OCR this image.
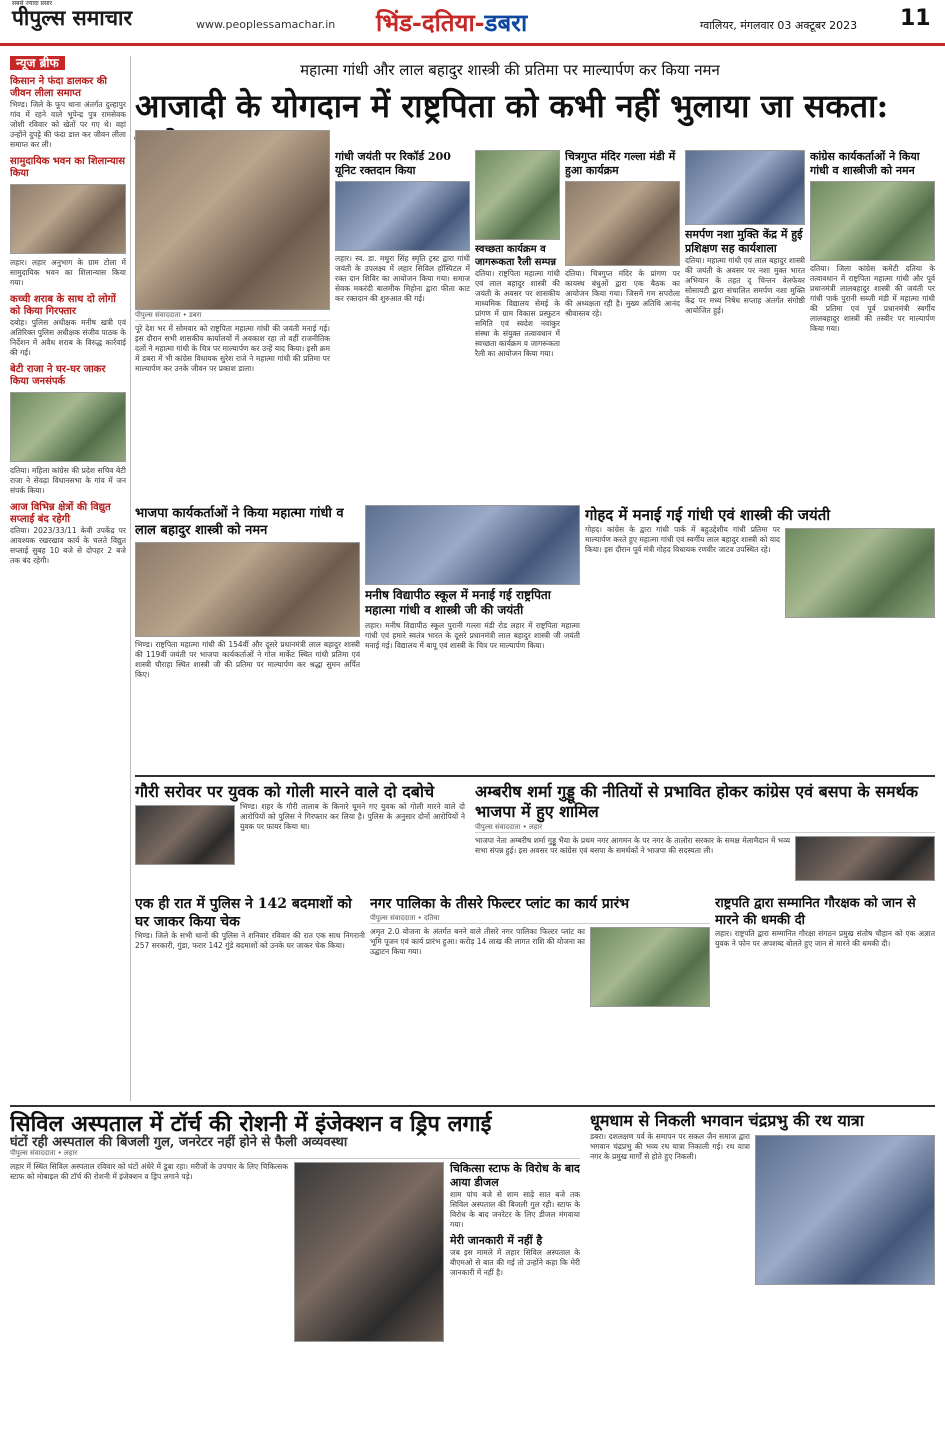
सबसे ज्यादा प्रसार
पीपुल्स समाचार	www.peoplessamachar.in भिंड-दतिया-डबरा	ग्वालियर, मंगलवार 03 अक्टूबर 2023 11
न्यूज ब्रीफ
किसान ने फंदा डालकर की जीवन लीला समाप्त

भिण्ड। जिले के फूप थाना अंतर्गत दुल्हापुर गांव में रहने वाले भूपेन्द्र पुत्र रामसेवक जोशी रविवार को खेतों पर गए थे। वहां उन्होंने दुपट्टे की फंदा डाल कर जीवन लीला समाप्त कर ली।

सामुदायिक भवन का शिलान्यास किया

लहार। लहार अनुभाग के ग्राम टोला में सामुदायिक भवन का शिलान्यास किया गया।

कच्ची शराब के साथ दो लोगों को किया गिरफ्तार

दबोह। पुलिस अधीक्षक मनीष खत्री एवं अतिरिक्त पुलिस अधीक्षक संजीव पाठक के निर्देशन में अवैध शराब के विरुद्ध कार्रवाई की गई।

बेटी राजा ने घर-घर जाकर किया जनसंपर्क

दतिया। महिला कांग्रेस की प्रदेश सचिव बेटी राजा ने सेवढ़ा विधानसभा के गांव में जन संपर्क किया।

आज विभिन्न क्षेत्रों की विद्युत सप्लाई बंद रहेगी

दतिया। 2023/33/11 केवी उपकेंद्र पर आवश्यक रखरखाव कार्य के चलते विद्युत सप्लाई सुबह 10 बजे से दोपहर 2 बजे तक बंद रहेगी।

महात्मा गांधी और लाल बहादुर शास्त्री की प्रतिमा पर माल्यार्पण कर किया नमन
आजादी के योगदान में राष्ट्रपिता को कभी नहीं भुलाया जा सकता:
पीपुल्स संवाददाता • डबरा

पूरे देश भर में सोमवार को राष्ट्रपिता महात्मा गांधी की जयंती मनाई गई। इस दौरान सभी शासकीय कार्यालयों में अवकाश रहा तो वहीं राजनीतिक दलों ने महात्मा गांधी के चित्र पर माल्यार्पण कर उन्हें याद किया। इसी क्रम में डबरा में भी कांग्रेस विधायक सुरेश राजे ने महात्मा गांधी की प्रतिमा पर माल्यार्पण कर उनके जीवन पर प्रकाश डाला।

गांधी जयंती पर रिकॉर्ड 200 यूनिट रक्तदान किया

लहार। स्व. डा. मथुरा सिंह स्मृति ट्रस्ट द्वारा गांधी जयंती के उपलक्ष्य में लहार सिविल हॉस्पिटल में रक्त दान शिविर का आयोजन किया गया। समाज सेवक मकरंदी बालमीक मिहोना द्वारा फीता काट कर रक्तदान की शुरुआत की गई।

स्वच्छता कार्यक्रम व जागरूकता रैली सम्पन्न

दतिया। राष्ट्रपिता महात्मा गांधी एवं लाल बहादुर शास्त्री की जयंती के अवसर पर शासकीय माध्यमिक विद्यालय सेमई के प्रांगण में ग्राम विकास प्रस्फुटन समिति एवं स्वदेश नवांकुर संस्था के संयुक्त तत्वावधान में स्वच्छता कार्यक्रम व जागरूकता रैली का आयोजन किया गया।

चित्रगुप्त मंदिर गल्ला मंडी में हुआ कार्यक्रम

दतिया। चित्रगुप्त मंदिर के प्रांगण पर कायस्थ बंधुओं द्वारा एक बैठक का आयोजन किया गया। जिसमें गम सपरोला की अध्यक्षता रही है। मुख्य अतिथि आनंद श्रीवास्तव रहे।

समर्पण नशा मुक्ति केंद्र में हुई प्रशिक्षण सह कार्यशाला

दतिया। महात्मा गांधी एवं लाल बहादुर शास्त्री की जयंती के अवसर पर नशा मुक्त भारत अभियान के तहत दृ चिन्तन वेलफेयर सोसायटी द्वारा संचालित समर्पण नशा मुक्ति केंद्र पर मध्य निषेध सप्ताह अंतर्गत संगोष्ठी आयोजित हुई।

कांग्रेस कार्यकर्ताओं ने किया गांधी व शास्त्रीजी को नमन

दतिया। जिला कांग्रेस कमेटी दतिया के तत्वावधान में राष्ट्रपिता महात्मा गांधी और पूर्व प्रधानमंत्री लालबहादुर शास्त्री की जयंती पर गांधी पार्क पुरानी सब्जी मंडी में महात्मा गांधी की प्रतिमा एवं पूर्व प्रधानमंत्री स्वर्गीय लालबहादुर शास्त्री की तस्वीर पर माल्यार्पण किया गया।

भाजपा कार्यकर्ताओं ने किया महात्मा गांधी व लाल बहादुर शास्त्री को नमन

भिण्ड। राष्ट्रपिता महात्मा गांधी की 154वीं और दूसरे प्रधानमंत्री लाल बहादुर शास्त्री की 119वीं जयंती पर भाजपा कार्यकर्ताओं ने गोल मार्केट स्थित गांधी प्रतिमा एवं शास्त्री चौराहा स्थित शास्त्री जी की प्रतिमा पर माल्यार्पण कर श्रद्धा सुमन अर्पित किए।

मनीष विद्यापीठ स्कूल में मनाई गई राष्ट्रपिता महात्मा गांधी व शास्त्री जी की जयंती

लहार। मनीष विद्यापीठ स्कूल पुरानी गल्ला मंडी रोड लहार में राष्ट्रपिता महात्मा गांधी एवं हमारे स्वतंत्र भारत के दूसरे प्रधानमंत्री लाल बहादुर शास्त्री जी जयंती मनाई गई। विद्यालय में बापू एवं शास्त्री के चित्र पर माल्यार्पण किया।

गोहद में मनाई गई गांधी एवं शास्त्री की जयंती

गोहद। कांग्रेस के द्वारा गांधी पार्क में बहुउद्देशीय गांधी प्रतिमा पर माल्यार्पण करते हुए महात्मा गांधी एवं स्वर्गीय लाल बहादुर शास्त्री को याद किया। इस दौरान पूर्व मंत्री गोहद विधायक रणवीर जाटव उपस्थित रहे।

गौरी सरोवर पर युवक को गोली मारने वाले दो दबोचे

भिण्ड। शहर के गौरी तालाब के किनारे घूमने गए युवक को गोली मारने वाले दो आरोपियों को पुलिस ने गिरफ्तार कर लिया है। पुलिस के अनुसार दोनों आरोपियों ने युवक पर फायर किया था।

अम्बरीष शर्मा गुड्डू की नीतियों से प्रभावित होकर कांग्रेस एवं बसपा के समर्थक भाजपा में हुए शामिल
पीपुल्स संवाददाता • लहार

भाजपा नेता अम्बरीष शर्मा गुड्डू भैया के प्रथम नगर आगमन के पर नगर के तालोरा सरकार के समक्ष मेलामैदान में भव्य सभा संपन्न हुई। इस अवसर पर कांग्रेस एवं बसपा के समर्थकों ने भाजपा की सदस्यता ली।

एक ही रात में पुलिस ने 142 बदमाशों को घर जाकर किया चेक

भिण्ड। जिले के सभी थानों की पुलिस ने शनिवार रविवार की रात एक साथ निगरानी 257 सरकारी, गुंडा, फरार 142 गुंडे बदमाशों को उनके घर जाकर चेक किया।

नगर पालिका के तीसरे फिल्टर प्लांट का कार्य प्रारंभ
पीपुल्स संवाददाता • दतिया

अमृत 2.0 योजना के अंतर्गत बनने वाले तीसरे नगर पालिका फिल्टर प्लांट का भूमि पूजन एवं कार्य प्रारंभ हुआ। करोड़ 14 लाख की लागत राशि की योजना का उद्घाटन किया गया।

राष्ट्रपति द्वारा सम्मानित गौरक्षक को जान से मारने की धमकी दी

लहार। राष्ट्रपति द्वारा सम्मानित गौरक्षा संगठन प्रमुख संतोष चौहान को एक अज्ञात युवक ने फोन पर अपशब्द बोलते हुए जान से मारने की धमकी दी।

सिविल अस्पताल में टॉर्च की रोशनी में इंजेक्शन व ड्रिप लगाई
घंटों रही अस्पताल की बिजली गुल, जनरेटर नहीं होने से फैली अव्यवस्था
पीपुल्स संवाददाता • लहार

लहार में स्थित सिविल अस्पताल रविवार को घंटों अंधेरे में डूबा रहा। मरीजों के उपचार के लिए चिकित्सक स्टाफ को मोबाइल की टॉर्च की रोशनी में इंजेक्शन व ड्रिप लगाने पड़े।

चिकित्सा स्टाफ के विरोध के बाद आया डीजल

शाम पांच बजे से शाम साढ़े सात बजे तक सिविल अस्पताल की बिजली गुल रही। स्टाफ के विरोध के बाद जनरेटर के लिए डीजल मंगवाया गया।

मेरी जानकारी में नहीं है

जब इस मामले में लहार सिविल अस्पताल के बीएमओ से बात की गई तो उन्होंने कहा कि मेरी जानकारी में नहीं है।

धूमधाम से निकली भगवान चंद्रप्रभु की रथ यात्रा

डबरा। दशलक्षण पर्व के समापन पर सकल जैन समाज द्वारा भगवान चंद्रप्रभु की भव्य रथ यात्रा निकाली गई। रथ यात्रा नगर के प्रमुख मार्गों से होते हुए निकली।
